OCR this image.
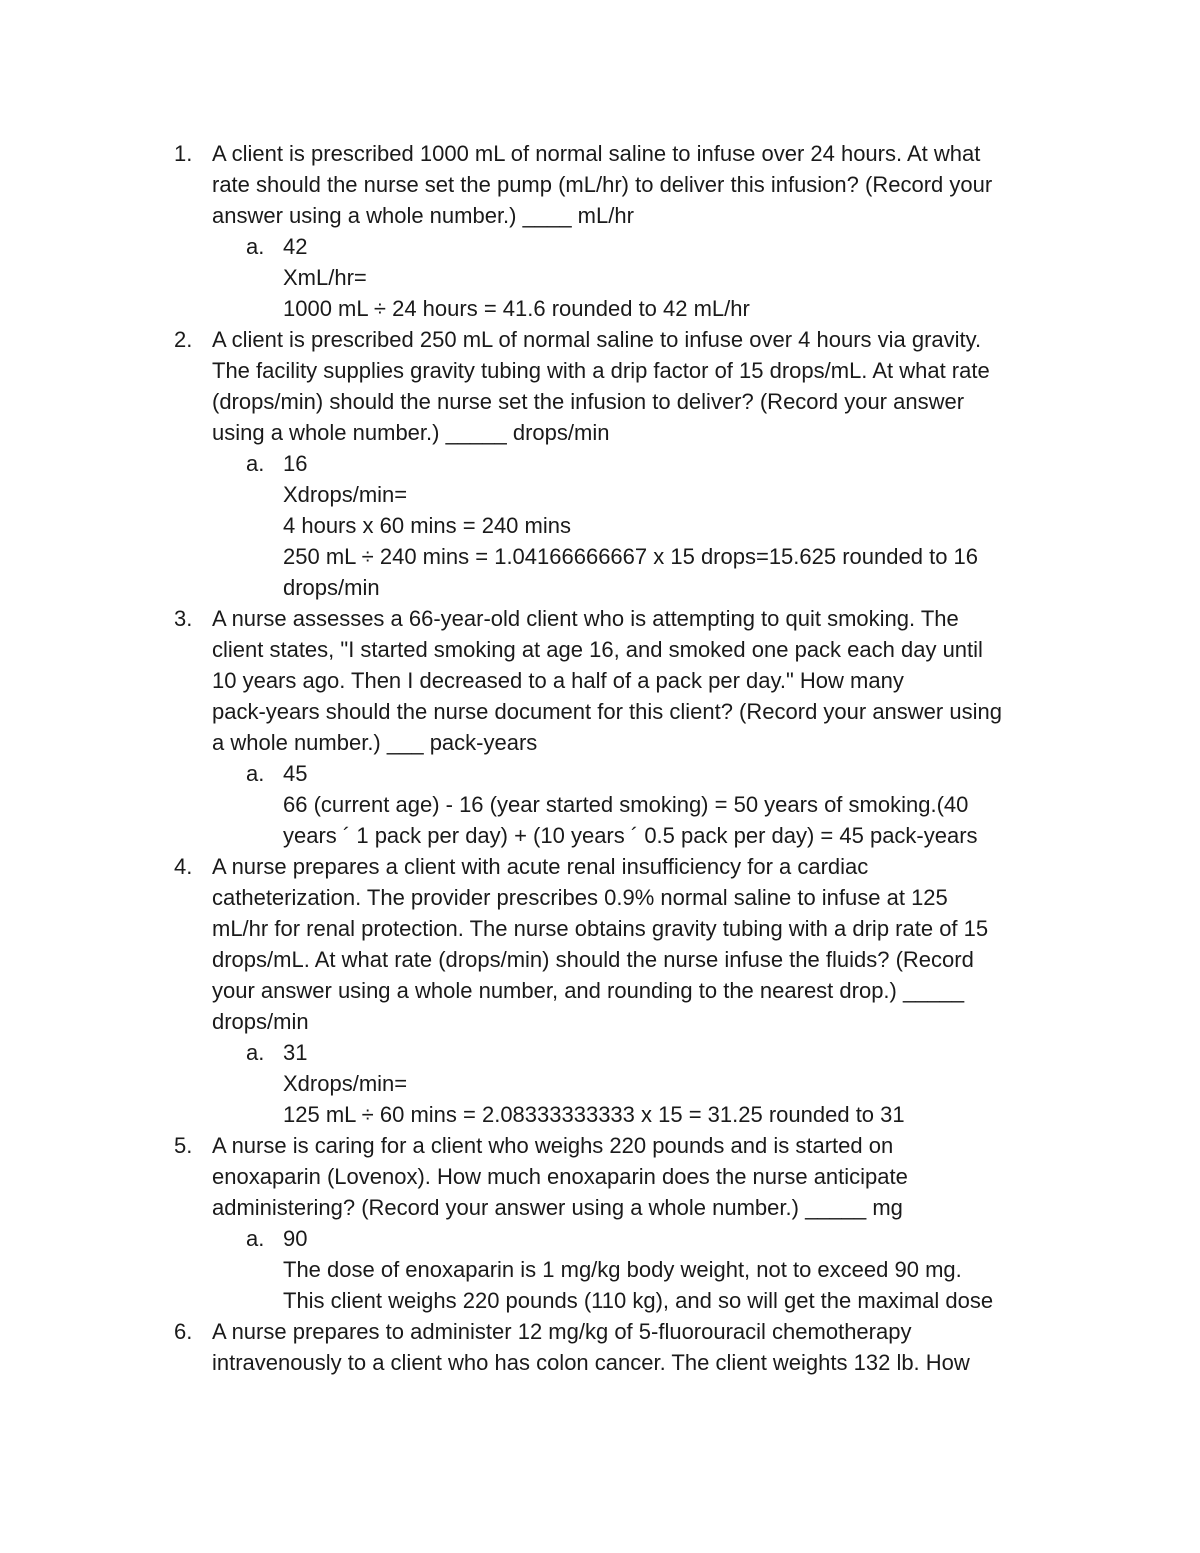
1. A client is prescribed 1000 mL of normal saline to infuse over 24 hours. At what
rate should the nurse set the pump (mL/hr) to deliver this infusion? (Record your
answer using a whole number.) ____ mL/hr
a. 42
XmL/hr=
1000 mL ÷ 24 hours = 41.6 rounded to 42 mL/hr
2. A client is prescribed 250 mL of normal saline to infuse over 4 hours via gravity.
The facility supplies gravity tubing with a drip factor of 15 drops/mL. At what rate
(drops/min) should the nurse set the infusion to deliver? (Record your answer
using a whole number.) _____ drops/min
a. 16
Xdrops/min=
4 hours x 60 mins = 240 mins
250 mL ÷ 240 mins = 1.04166666667 x 15 drops=15.625 rounded to 16
drops/min
3. A nurse assesses a 66-year-old client who is attempting to quit smoking. The
client states, "I started smoking at age 16, and smoked one pack each day until
10 years ago. Then I decreased to a half of a pack per day." How many
pack-years should the nurse document for this client? (Record your answer using
a whole number.) ___ pack-years
a. 45
66 (current age) - 16 (year started smoking) = 50 years of smoking.(40
years ´ 1 pack per day) + (10 years ´ 0.5 pack per day) = 45 pack-years
4. A nurse prepares a client with acute renal insufficiency for a cardiac
catheterization. The provider prescribes 0.9% normal saline to infuse at 125
mL/hr for renal protection. The nurse obtains gravity tubing with a drip rate of 15
drops/mL. At what rate (drops/min) should the nurse infuse the fluids? (Record
your answer using a whole number, and rounding to the nearest drop.) _____
drops/min
a. 31
Xdrops/min=
125 mL ÷ 60 mins = 2.08333333333 x 15 = 31.25 rounded to 31
5. A nurse is caring for a client who weighs 220 pounds and is started on
enoxaparin (Lovenox). How much enoxaparin does the nurse anticipate
administering? (Record your answer using a whole number.) _____ mg
a. 90
The dose of enoxaparin is 1 mg/kg body weight, not to exceed 90 mg.
This client weighs 220 pounds (110 kg), and so will get the maximal dose
6. A nurse prepares to administer 12 mg/kg of 5-fluorouracil chemotherapy
intravenously to a client who has colon cancer. The client weights 132 lb. How
